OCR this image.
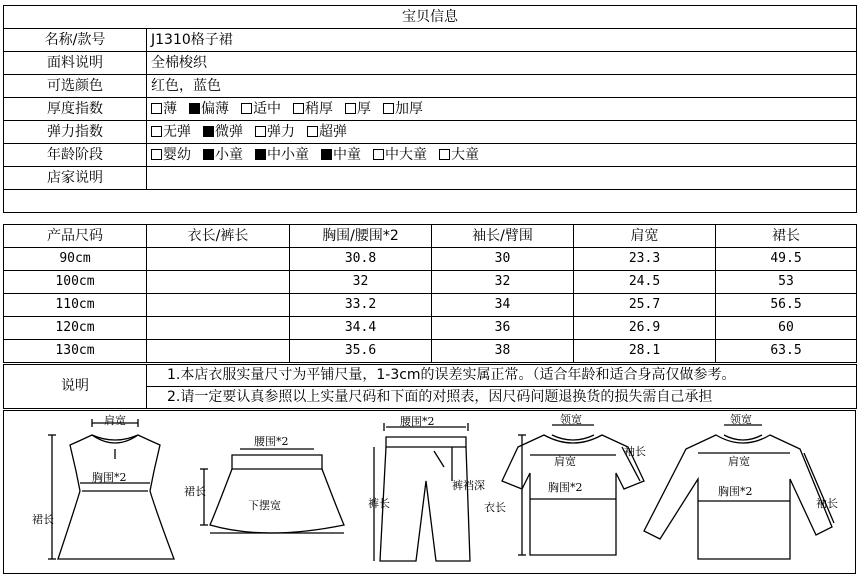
宝贝信息	
名称/款号	J1310格子裙
面料说明	全棉梭织
可选颜色	红色，蓝色
厚度指数	薄 偏薄 适中 稍厚 厚 加厚
弹力指数	无弹 微弹 弹力 超弹
年龄阶段	婴幼 小童 中小童 中童 中大童 大童
店家说明	

产品尺码	衣长/裤长	胸围/腰围*2	袖长/臂围	肩宽	裙长
90cm		30.8	30	23.3	49.5
100cm		32	32	24.5	53
110cm		33.2	34	25.7	56.5
120cm		34.4	36	26.9	60
130cm		35.6	38	28.1	63.5
说明	1.本店衣服实量尺寸为平铺尺量，1-3cm的误差实属正常。（适合年龄和适合身高仅做参考。
2.请一定要认真参照以上实量尺码和下面的对照表，因尺码问题退换货的损失需自己承担
肩宽
胸围*2
裙长
腰围*2
裙长
下摆宽
腰围*2
裤长
裤裆深
领宽
肩宽
袖长
胸围*2
衣长
领宽
肩宽
胸围*2
袖长
